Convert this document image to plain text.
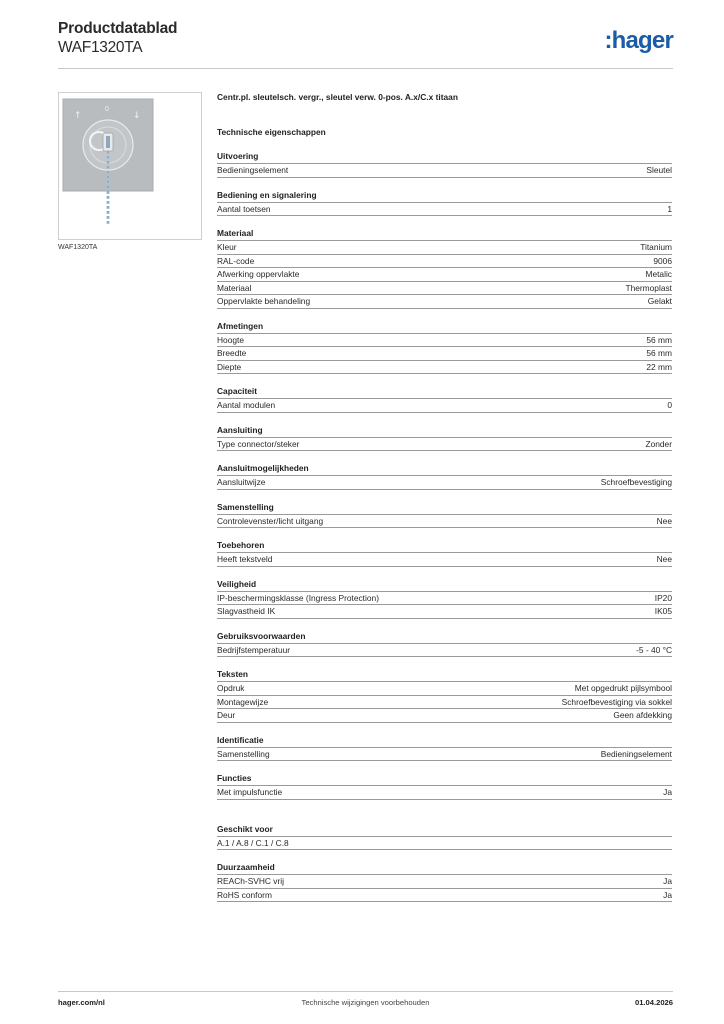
Productdatablad
WAF1320TA	:hager
↑
0
↓
WAF1320TA
Centr.pl. sleutelsch. vergr., sleutel verw. 0-pos. A.x/C.x titaan
Technische eigenschappen
Uitvoering
Bedieningselement	Sleutel
Bediening en signalering
Aantal toetsen	1
Materiaal
Kleur	Titanium
RAL-code	9006
Afwerking oppervlakte	Metalic
Materiaal	Thermoplast
Oppervlakte behandeling	Gelakt
Afmetingen
Hoogte	56 mm
Breedte	56 mm
Diepte	22 mm
Capaciteit
Aantal modulen	0
Aansluiting
Type connector/steker	Zonder
Aansluitmogelijkheden
Aansluitwijze	Schroefbevestiging
Samenstelling
Controlevenster/licht uitgang	Nee
Toebehoren
Heeft tekstveld	Nee
Veiligheid
IP-beschermingsklasse (Ingress Protection)	IP20
Slagvastheid IK	IK05
Gebruiksvoorwaarden
Bedrijfstemperatuur	-5 - 40 °C
Teksten
Opdruk	Met opgedrukt pijlsymbool
Montagewijze	Schroefbevestiging via sokkel
Deur	Geen afdekking
Identificatie
Samenstelling	Bedieningselement
Functies
Met impulsfunctie	Ja
Geschikt voor
A.1 / A.8 / C.1 / C.8
Duurzaamheid
REACh-SVHC vrij	Ja
RoHS conform	Ja
hager.com/nl	Technische wijzigingen voorbehouden	01.04.2026
